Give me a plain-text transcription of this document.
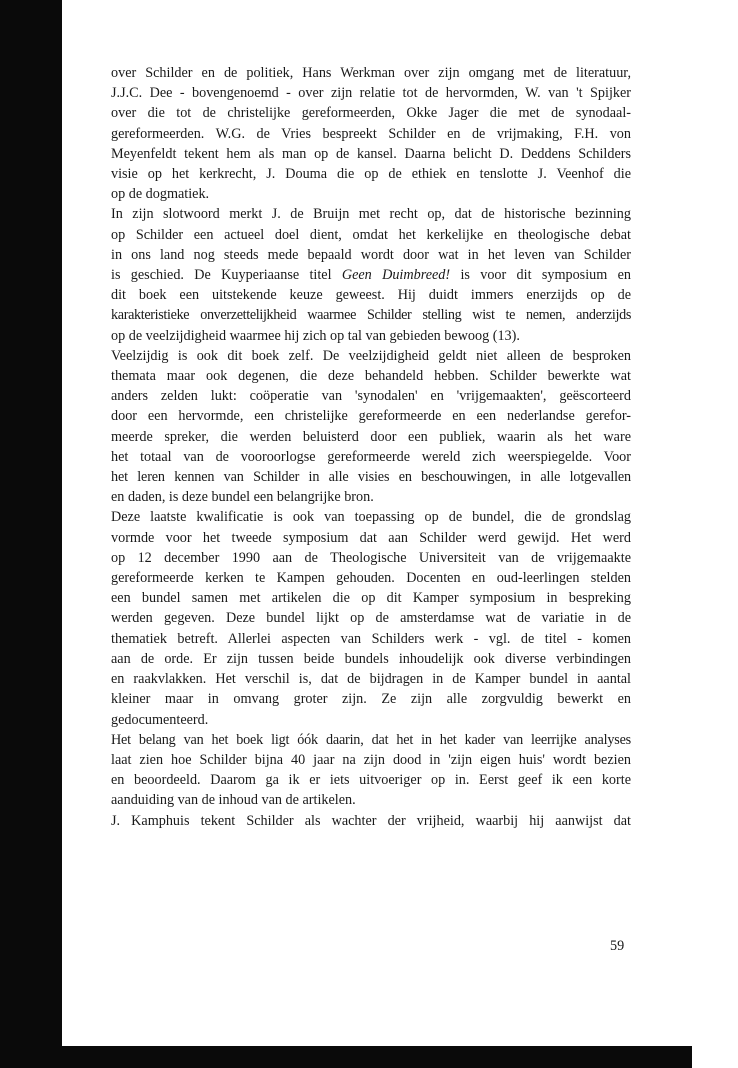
over Schilder en de politiek, Hans Werkman over zijn omgang met de literatuur,
J.J.C. Dee - bovengenoemd - over zijn relatie tot de hervormden, W. van 't Spijker
over die tot de christelijke gereformeerden, Okke Jager die met de synodaal-
gereformeerden. W.G. de Vries bespreekt Schilder en de vrijmaking, F.H. von
Meyenfeldt tekent hem als man op de kansel. Daarna belicht D. Deddens Schilders
visie op het kerkrecht, J. Douma die op de ethiek en tenslotte J. Veenhof die
op de dogmatiek.
In zijn slotwoord merkt J. de Bruijn met recht op, dat de historische bezinning
op Schilder een actueel doel dient, omdat het kerkelijke en theologische debat
in ons land nog steeds mede bepaald wordt door wat in het leven van Schilder
is geschied. De Kuyperiaanse titel Geen Duimbreed! is voor dit symposium en
dit boek een uitstekende keuze geweest. Hij duidt immers enerzijds op de
karakteristieke onverzettelijkheid waarmee Schilder stelling wist te nemen, anderzijds
op de veelzijdigheid waarmee hij zich op tal van gebieden bewoog (13).
Veelzijdig is ook dit boek zelf. De veelzijdigheid geldt niet alleen de besproken
themata maar ook degenen, die deze behandeld hebben. Schilder bewerkte wat
anders zelden lukt: coöperatie van 'synodalen' en 'vrijgemaakten', geëscorteerd
door een hervormde, een christelijke gereformeerde en een nederlandse gerefor-
meerde spreker, die werden beluisterd door een publiek, waarin als het ware
het totaal van de vooroorlogse gereformeerde wereld zich weerspiegelde. Voor
het leren kennen van Schilder in alle visies en beschouwingen, in alle lotgevallen
en daden, is deze bundel een belangrijke bron.
Deze laatste kwalificatie is ook van toepassing op de bundel, die de grondslag
vormde voor het tweede symposium dat aan Schilder werd gewijd. Het werd
op 12 december 1990 aan de Theologische Universiteit van de vrijgemaakte
gereformeerde kerken te Kampen gehouden. Docenten en oud-leerlingen stelden
een bundel samen met artikelen die op dit Kamper symposium in bespreking
werden gegeven. Deze bundel lijkt op de amsterdamse wat de variatie in de
thematiek betreft. Allerlei aspecten van Schilders werk - vgl. de titel - komen
aan de orde. Er zijn tussen beide bundels inhoudelijk ook diverse verbindingen
en raakvlakken. Het verschil is, dat de bijdragen in de Kamper bundel in aantal
kleiner maar in omvang groter zijn. Ze zijn alle zorgvuldig bewerkt en
gedocumenteerd.
Het belang van het boek ligt óók daarin, dat het in het kader van leerrijke analyses
laat zien hoe Schilder bijna 40 jaar na zijn dood in 'zijn eigen huis' wordt bezien
en beoordeeld. Daarom ga ik er iets uitvoeriger op in. Eerst geef ik een korte
aanduiding van de inhoud van de artikelen.
J. Kamphuis tekent Schilder als wachter der vrijheid, waarbij hij aanwijst dat
59
